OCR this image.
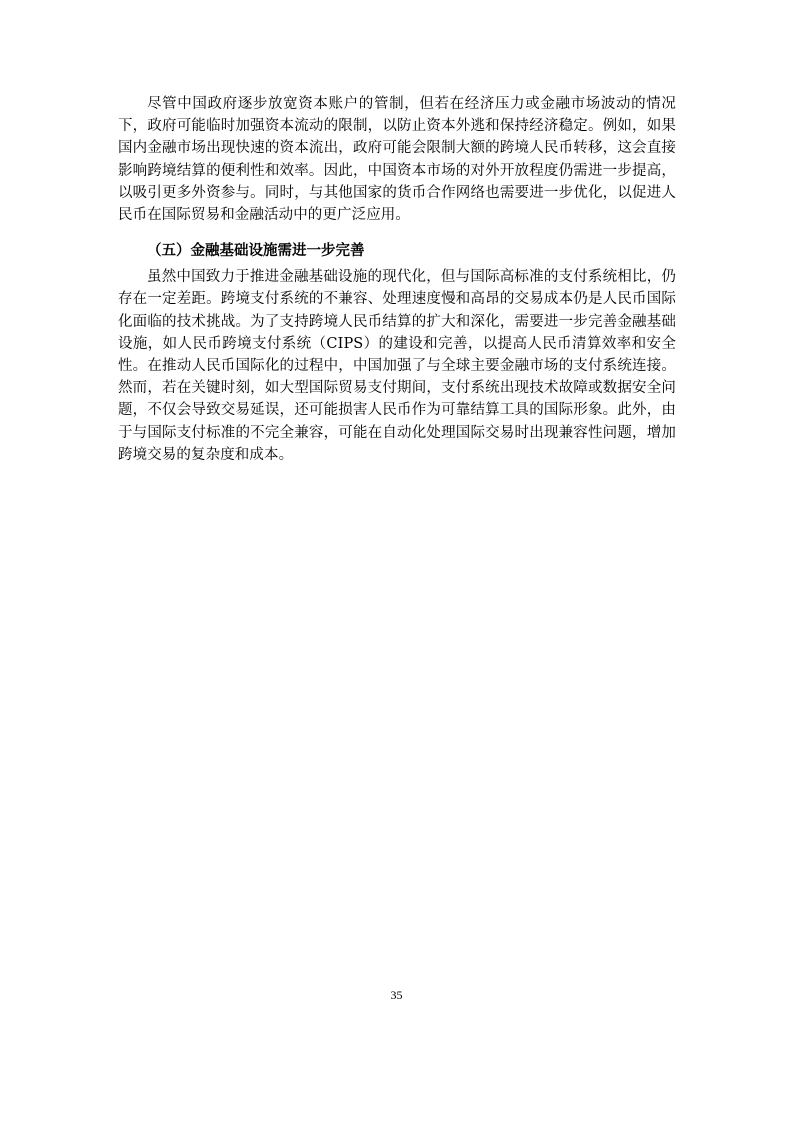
尽管中国政府逐步放宽资本账户的管制，但若在经济压力或金融市场波动的情况下，政府可能临时加强资本流动的限制，以防止资本外逃和保持经济稳定。例如，如果国内金融市场出现快速的资本流出，政府可能会限制大额的跨境人民币转移，这会直接影响跨境结算的便利性和效率。因此，中国资本市场的对外开放程度仍需进一步提高，以吸引更多外资参与。同时，与其他国家的货币合作网络也需要进一步优化，以促进人民币在国际贸易和金融活动中的更广泛应用。

（五）金融基础设施需进一步完善

虽然中国致力于推进金融基础设施的现代化，但与国际高标准的支付系统相比，仍存在一定差距。跨境支付系统的不兼容、处理速度慢和高昂的交易成本仍是人民币国际化面临的技术挑战。为了支持跨境人民币结算的扩大和深化，需要进一步完善金融基础设施，如人民币跨境支付系统（CIPS）的建设和完善，以提高人民币清算效率和安全性。在推动人民币国际化的过程中，中国加强了与全球主要金融市场的支付系统连接。然而，若在关键时刻，如大型国际贸易支付期间，支付系统出现技术故障或数据安全问题，不仅会导致交易延误，还可能损害人民币作为可靠结算工具的国际形象。此外，由于与国际支付标准的不完全兼容，可能在自动化处理国际交易时出现兼容性问题，增加跨境交易的复杂度和成本。

35
